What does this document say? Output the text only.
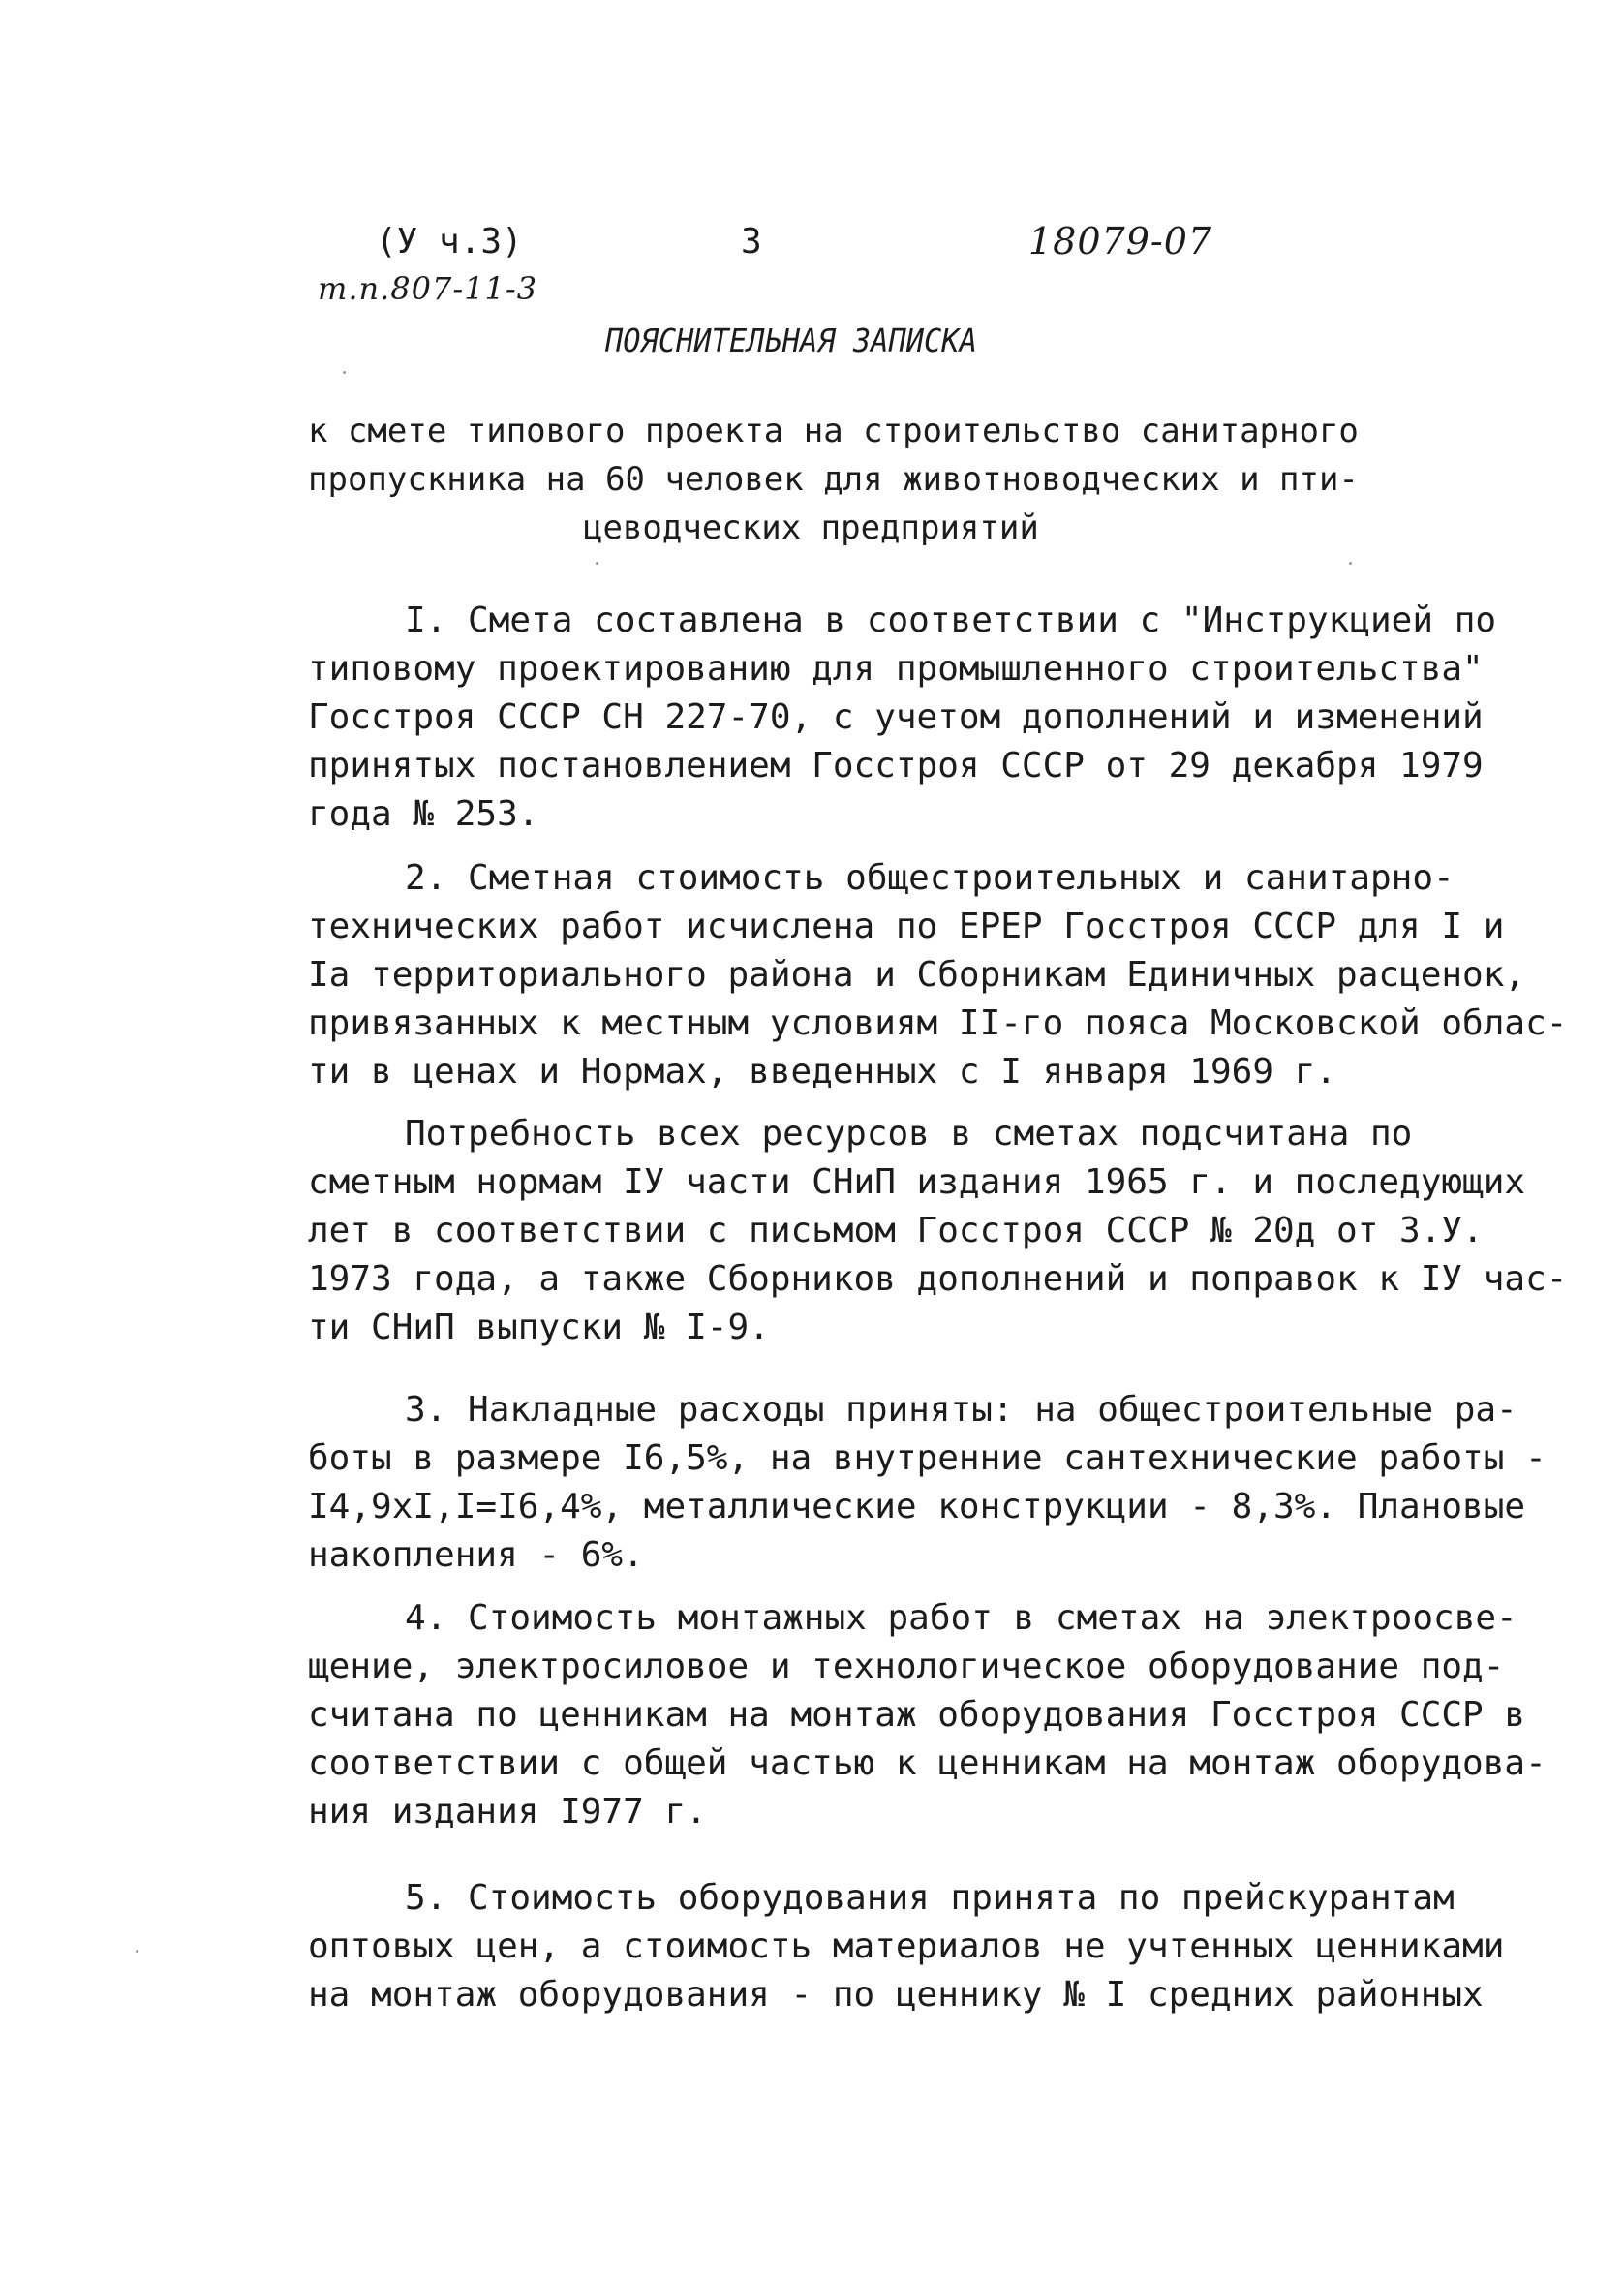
(У ч.3)
т.п.807-11-3
3	18079-07
ПОЯСНИТЕЛЬНАЯ ЗАПИСКА
к смете типового проекта на строительство санитарного
пропускника на 60 человек для животноводческих и пти-
цеводческих предприятий
I. Смета составлена в соответствии с "Инструкцией по
типовому проектированию для промышленного строительства"
Госстроя СССР СН 227-70, с учетом дополнений и изменений
принятых постановлением Госстроя СССР от 29 декабря 1979
года № 253.
2. Сметная стоимость общестроительных и санитарно-
технических работ исчислена по ЕРЕР Госстроя СССР для I и
Iа территориального района и Сборникам Единичных расценок,
привязанных к местным условиям II-го пояса Московской облас-
ти в ценах и Нормах, введенных с I января 1969 г.
Потребность всех ресурсов в сметах подсчитана по
сметным нормам IУ части СНиП издания 1965 г. и последующих
лет в соответствии с письмом Госстроя СССР № 20д от 3.У.
1973 года, а также Сборников дополнений и поправок к IУ час-
ти СНиП выпуски № I-9.
3. Накладные расходы приняты: на общестроительные ра-
боты в размере I6,5%, на внутренние сантехнические работы -
I4,9хI,I=I6,4%, металлические конструкции - 8,3%. Плановые
накопления - 6%.
4. Стоимость монтажных работ в сметах на электроосве-
щение, электросиловое и технологическое оборудование под-
считана по ценникам на монтаж оборудования Госстроя СССР в
соответствии с общей частью к ценникам на монтаж оборудова-
ния издания I977 г.
5. Стоимость оборудования принята по прейскурантам
оптовых цен, а стоимость материалов не учтенных ценниками
на монтаж оборудования - по ценнику № I средних районных
